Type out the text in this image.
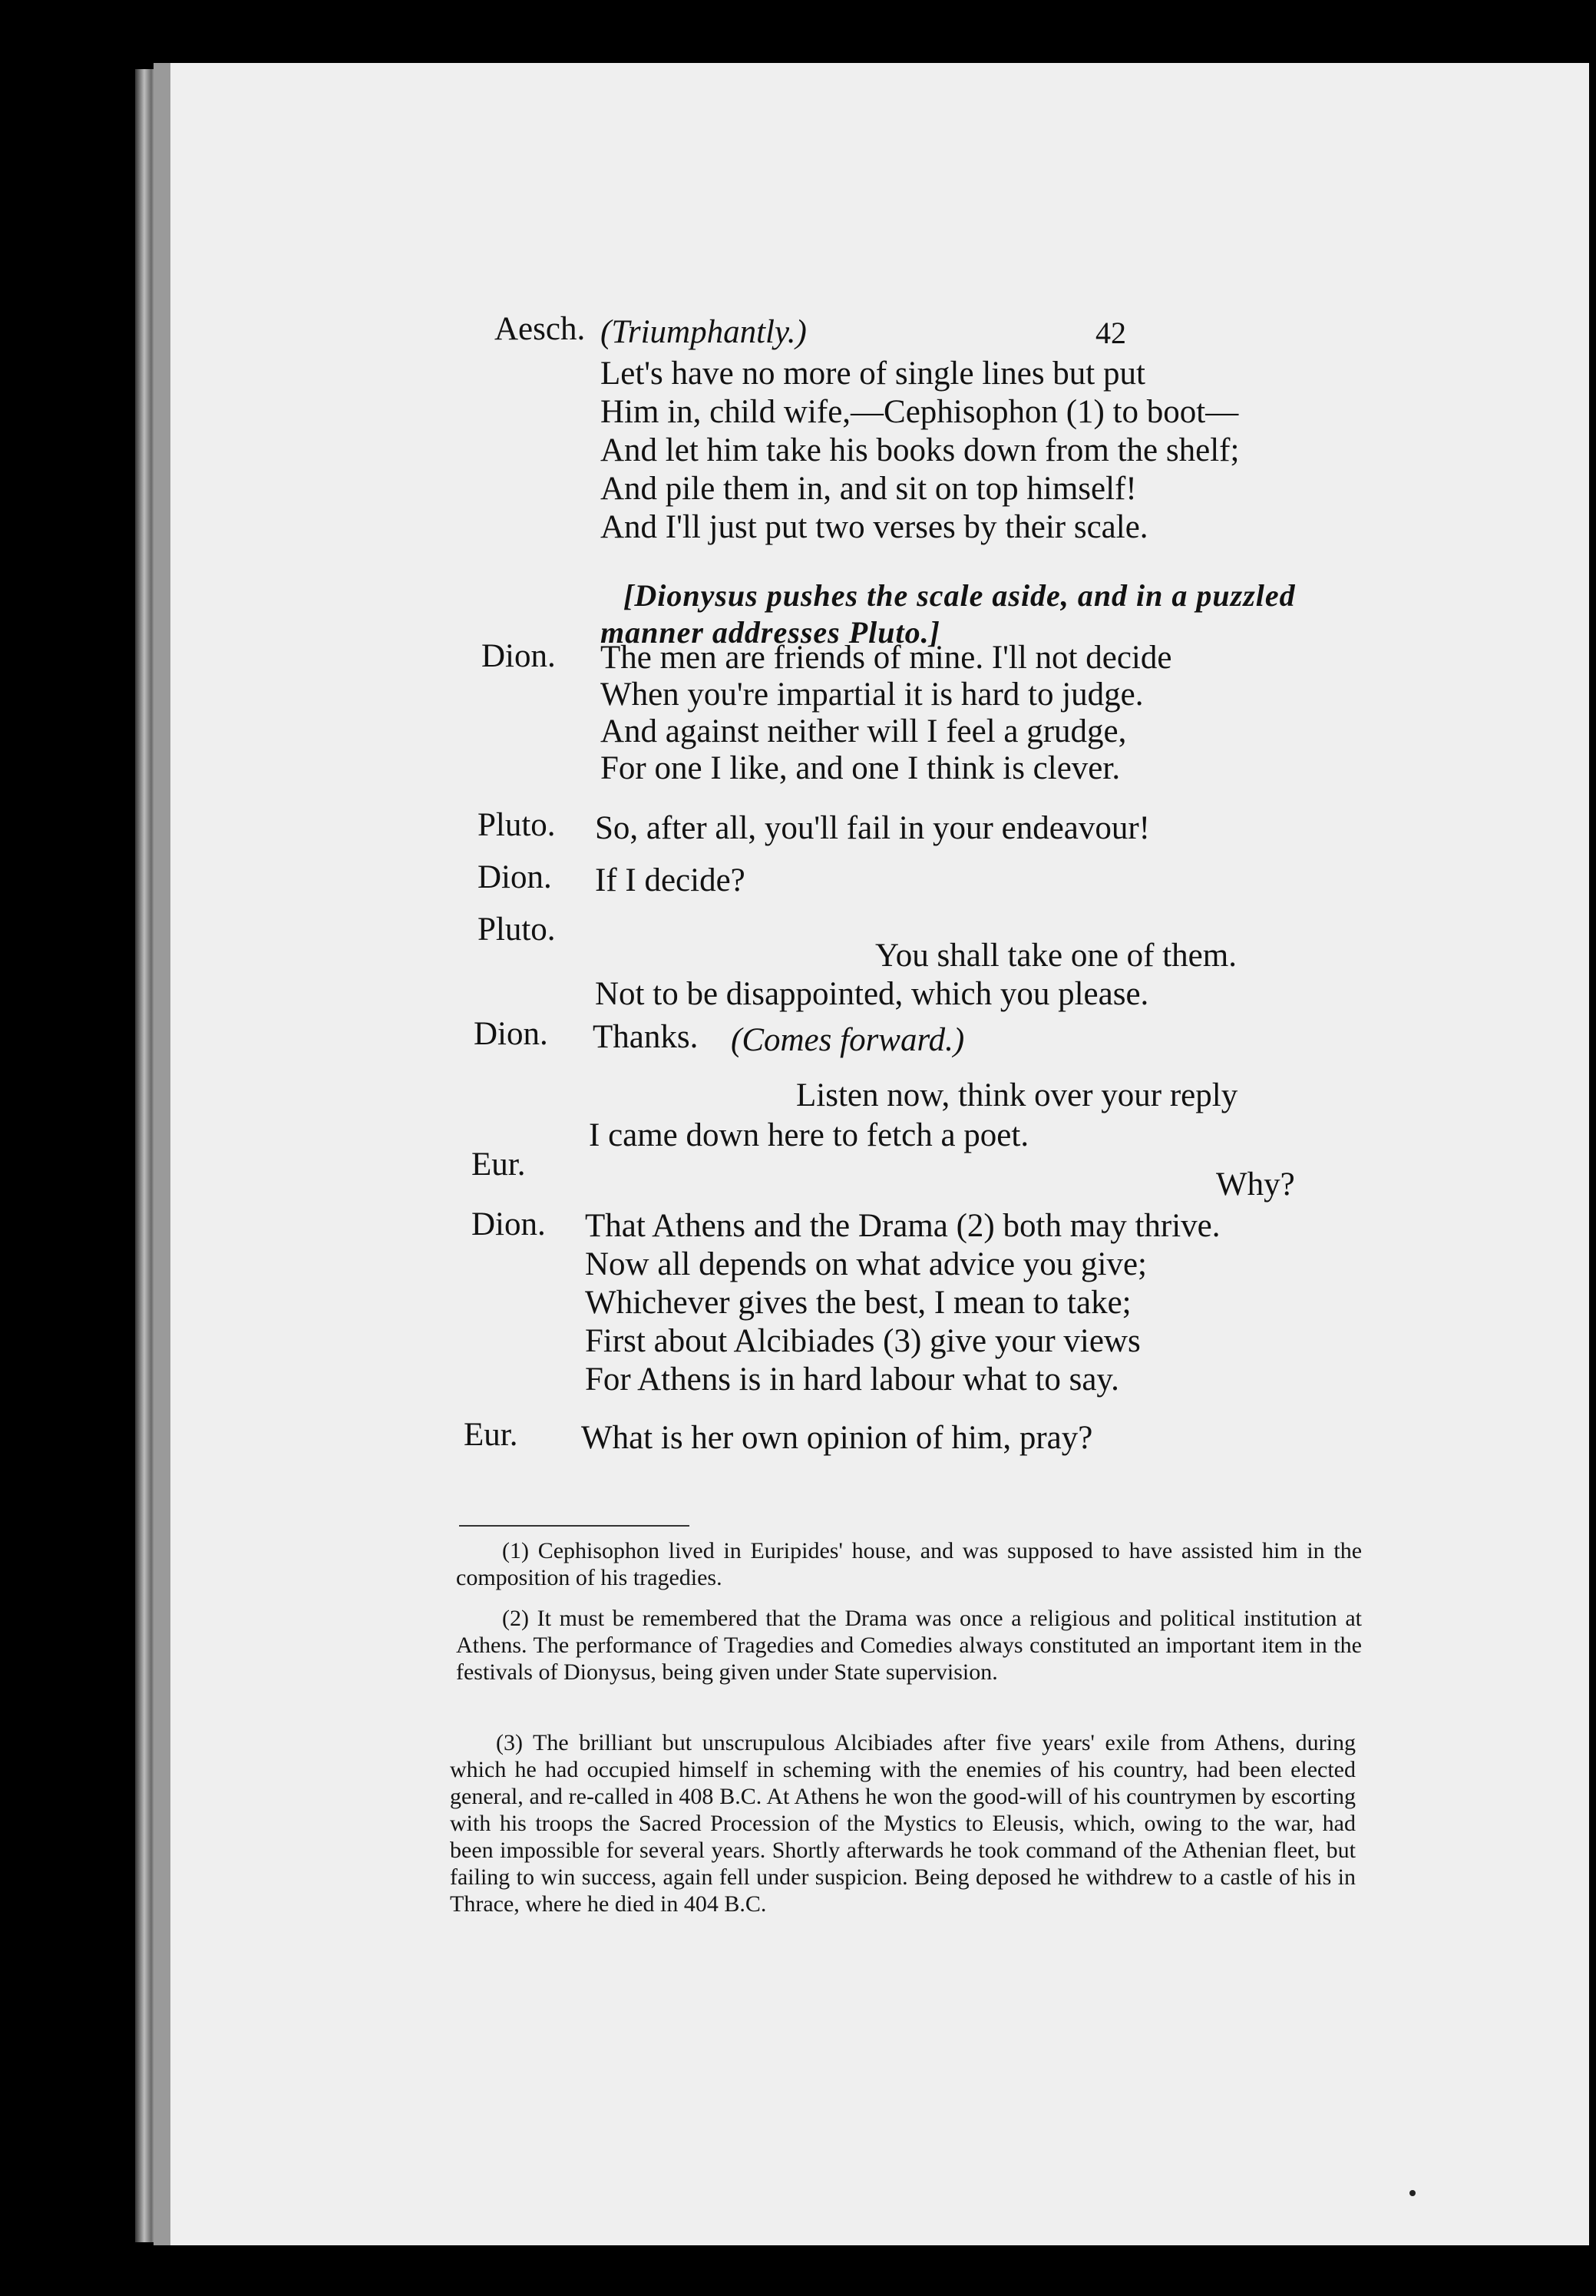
42
Aesch. (Triumphantly.)
Let's have no more of single lines but put
Him in, child wife,—Cephisophon (1) to boot—
And let him take his books down from the shelf;
And pile them in, and sit on top himself!
And I'll just put two verses by their scale.
[Dionysus pushes the scale aside, and in a puzzled
manner addresses Pluto.]
Dion. The men are friends of mine. I'll not decide
When you're impartial it is hard to judge.
And against neither will I feel a grudge,
For one I like, and one I think is clever.
Pluto. So, after all, you'll fail in your endeavour!
Dion. If I decide?
Pluto.
You shall take one of them.
Not to be disappointed, which you please.
Dion. Thanks. (Comes forward.)
Listen now, think over your reply
I came down here to fetch a poet.
Eur.
Why?
Dion. That Athens and the Drama (2) both may thrive.
Now all depends on what advice you give;
Whichever gives the best, I mean to take;
First about Alcibiades (3) give your views
For Athens is in hard labour what to say.
Eur. What is her own opinion of him, pray?
(1) Cephisophon lived in Euripides' house, and was supposed to have assisted him in the composition of his tragedies.
(2) It must be remembered that the Drama was once a religious and political institution at Athens. The performance of Tragedies and Comedies always constituted an important item in the festivals of Dionysus, being given under State supervision.
(3) The brilliant but unscrupulous Alcibiades after five years' exile from Athens, during which he had occupied himself in scheming with the enemies of his country, had been elected general, and re-called in 408 B.C. At Athens he won the good-will of his countrymen by escorting with his troops the Sacred Procession of the Mystics to Eleusis, which, owing to the war, had been impossible for several years. Shortly afterwards he took command of the Athenian fleet, but failing to win success, again fell under suspicion. Being deposed he withdrew to a castle of his in Thrace, where he died in 404 B.C.
